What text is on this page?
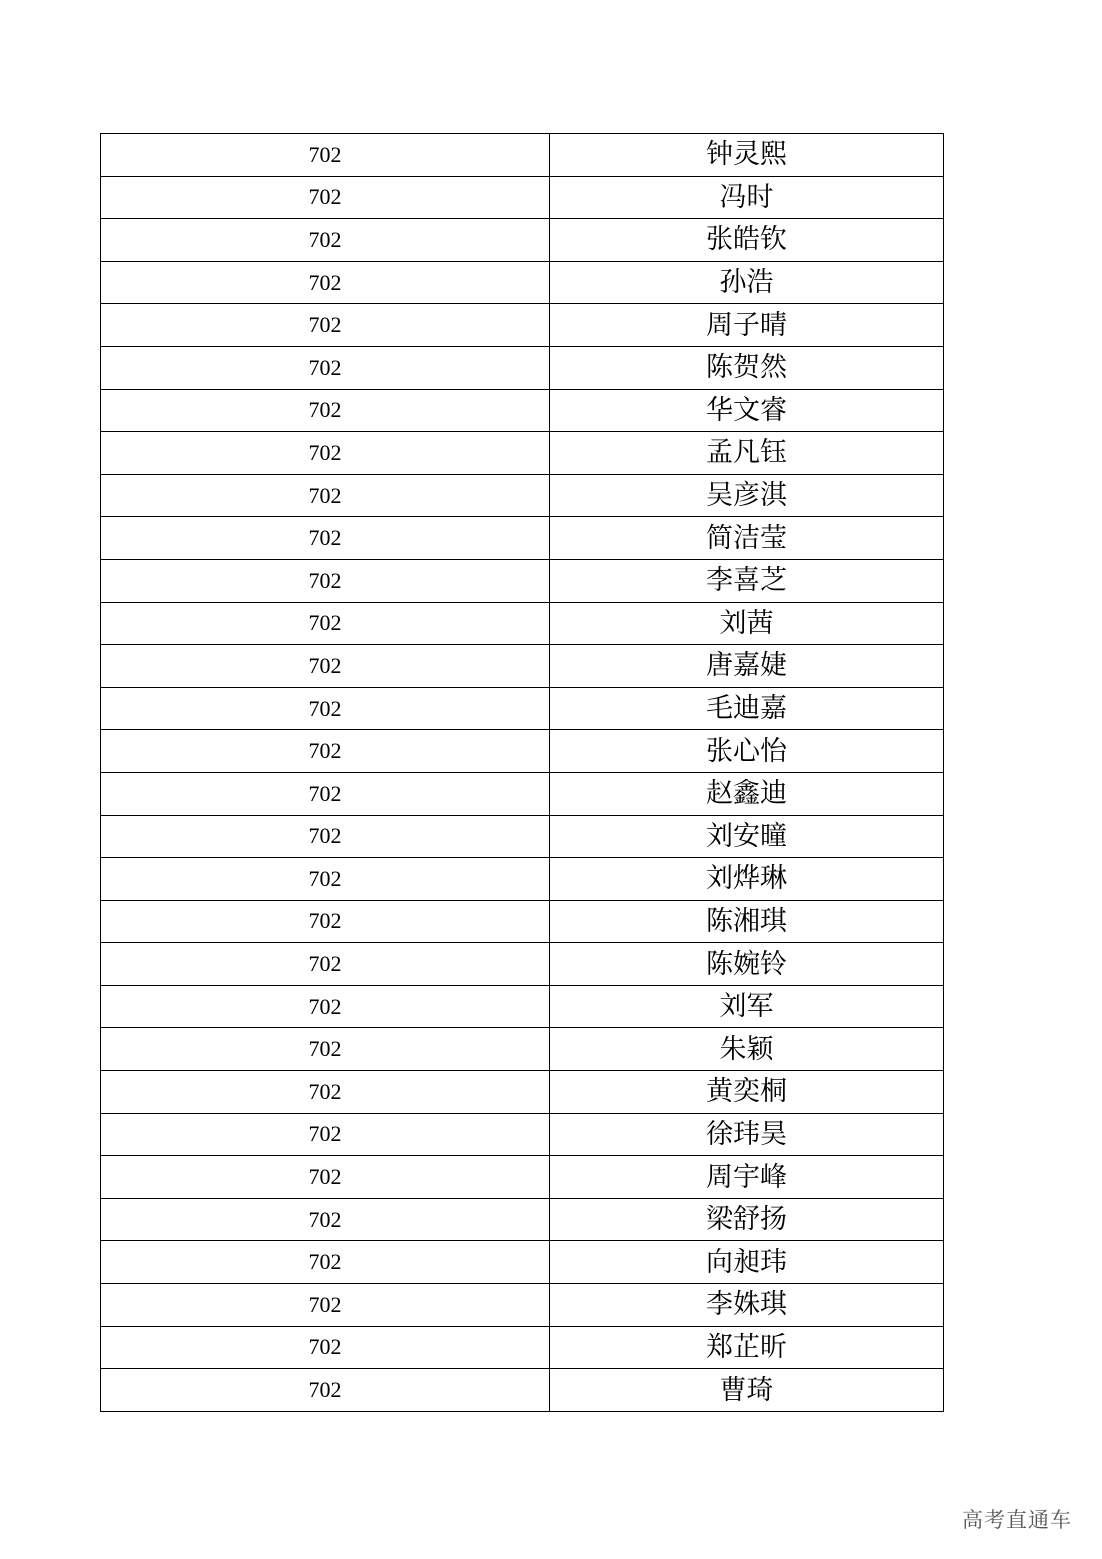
702	钟灵熙
702	冯时
702	张皓钦
702	孙浩
702	周子晴
702	陈贺然
702	华文睿
702	孟凡钰
702	吴彦淇
702	简洁莹
702	李喜芝
702	刘茜
702	唐嘉婕
702	毛迪嘉
702	张心怡
702	赵鑫迪
702	刘安曈
702	刘烨琳
702	陈湘琪
702	陈婉铃
702	刘军
702	朱颖
702	黄奕桐
702	徐玮昊
702	周宇峰
702	梁舒扬
702	向昶玮
702	李姝琪
702	郑芷昕
702	曹琦
高考直通车
